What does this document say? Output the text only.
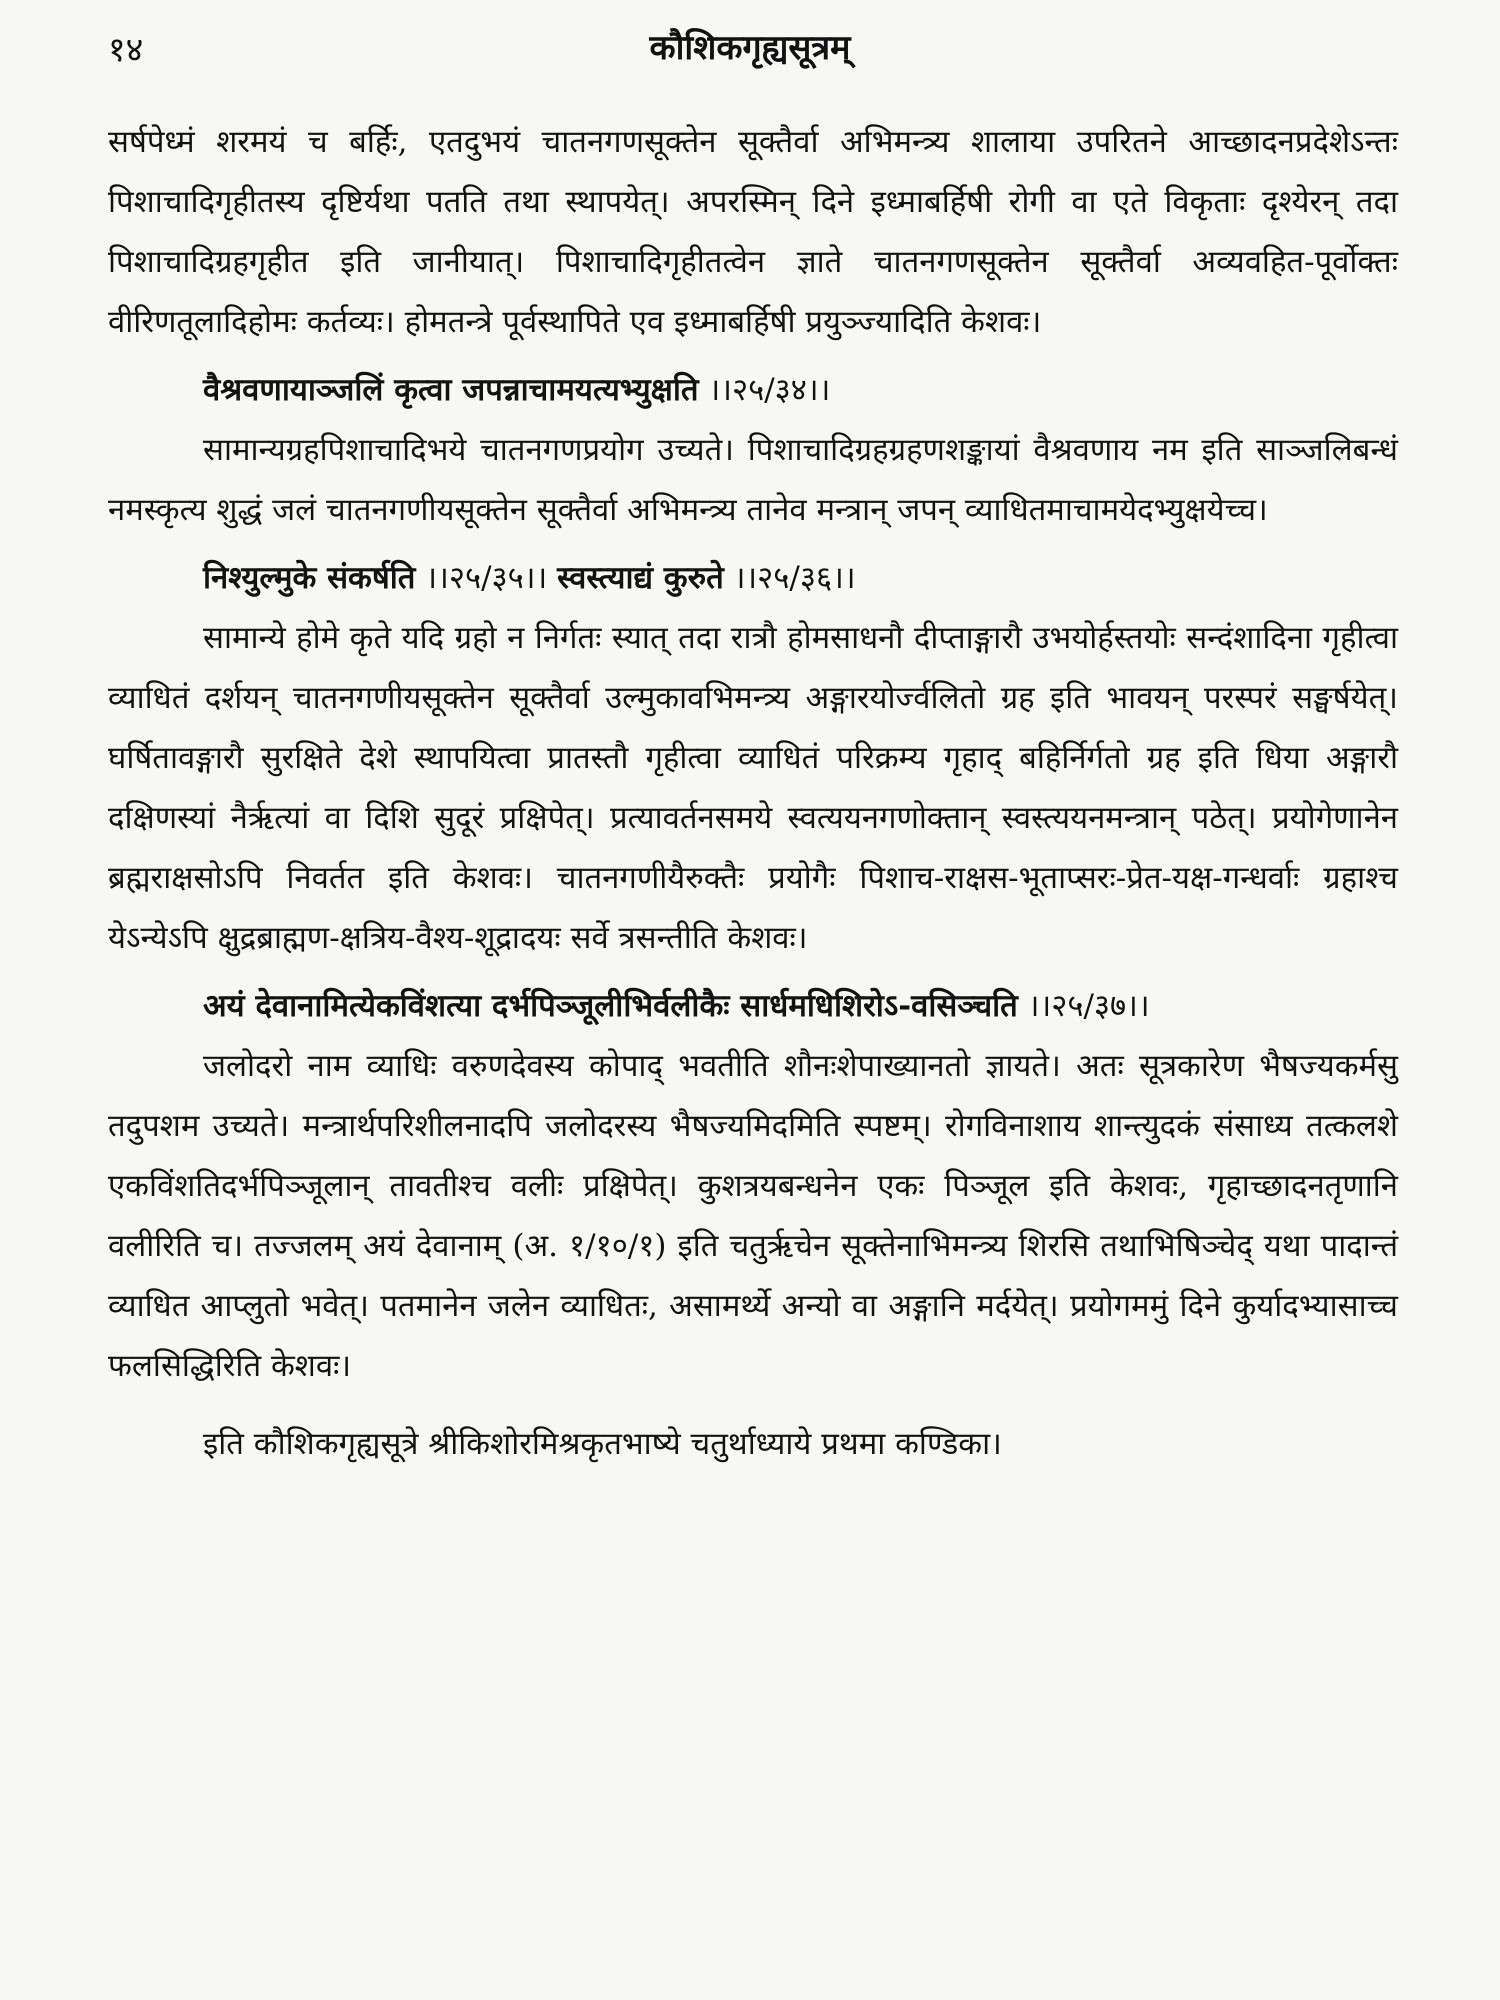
१४	कौशिकगृह्यसूत्रम्

सर्षपेध्मं शरमयं च बर्हिः, एतदुभयं चातनगणसूक्तेन सूक्तैर्वा अभिमन्त्र्य शालाया उपरितने आच्छादनप्रदेशेऽन्तः पिशाचादिगृहीतस्य दृष्टिर्यथा पतति तथा स्थापयेत्। अपरस्मिन् दिने इध्माबर्हिषी रोगी वा एते विकृताः दृश्येरन् तदा पिशाचादिग्रहगृहीत इति जानीयात्। पिशाचादिगृहीतत्वेन ज्ञाते चातनगणसूक्तेन सूक्तैर्वा अव्यवहित-पूर्वोक्तः वीरिणतूलादिहोमः कर्तव्यः। होमतन्त्रे पूर्वस्थापिते एव इध्माबर्हिषी प्रयुञ्ज्यादिति केशवः।

वैश्रवणायाञ्जलिं कृत्वा जपन्नाचामयत्यभ्युक्षति ।।२५/३४।।

सामान्यग्रहपिशाचादिभये चातनगणप्रयोग उच्यते। पिशाचादिग्रहग्रहणशङ्कायां वैश्रवणाय नम इति साञ्जलिबन्धं नमस्कृत्य शुद्धं जलं चातनगणीयसूक्तेन सूक्तैर्वा अभिमन्त्र्य तानेव मन्त्रान् जपन् व्याधितमाचामयेदभ्युक्षयेच्च।

निश्युल्मुके संकर्षति ।।२५/३५।। स्वस्त्याद्यं कुरुते ।।२५/३६।।

सामान्ये होमे कृते यदि ग्रहो न निर्गतः स्यात् तदा रात्रौ होमसाधनौ दीप्ताङ्गारौ उभयोर्हस्तयोः सन्दंशादिना गृहीत्वा व्याधितं दर्शयन् चातनगणीयसूक्तेन सूक्तैर्वा उल्मुकावभिमन्त्र्य अङ्गारयोर्ज्वलितो ग्रह इति भावयन् परस्परं सङ्घर्षयेत्। घर्षितावङ्गारौ सुरक्षिते देशे स्थापयित्वा प्रातस्तौ गृहीत्वा व्याधितं परिक्रम्य गृहाद् बहिर्निर्गतो ग्रह इति धिया अङ्गारौ दक्षिणस्यां नैर्ऋत्यां वा दिशि सुदूरं प्रक्षिपेत्। प्रत्यावर्तनसमये स्वत्ययनगणोक्तान् स्वस्त्ययनमन्त्रान् पठेत्। प्रयोगेणानेन ब्रह्मराक्षसोऽपि निवर्तत इति केशवः। चातनगणीयैरुक्तैः प्रयोगैः पिशाच-राक्षस-भूताप्सरः-प्रेत-यक्ष-गन्धर्वाः ग्रहाश्च येऽन्येऽपि क्षुद्रब्राह्मण-क्षत्रिय-वैश्य-शूद्रादयः सर्वे त्रसन्तीति केशवः।

अयं देवानामित्येकविंशत्या दर्भपिञ्जूलीभिर्वलीकैः सार्धमधिशिरोऽ-वसिञ्चति ।।२५/३७।।

जलोदरो नाम व्याधिः वरुणदेवस्य कोपाद् भवतीति शौनःशेपाख्यानतो ज्ञायते। अतः सूत्रकारेण भैषज्यकर्मसु तदुपशम उच्यते। मन्त्रार्थपरिशीलनादपि जलोदरस्य भैषज्यमिदमिति स्पष्टम्। रोगविनाशाय शान्त्युदकं संसाध्य तत्कलशे एकविंशतिदर्भपिञ्जूलान् तावतीश्च वलीः प्रक्षिपेत्। कुशत्रयबन्धनेन एकः पिञ्जूल इति केशवः, गृहाच्छादनतृणानि वलीरिति च। तज्जलम् अयं देवानाम् (अ. १/१०/१) इति चतुर्ऋचेन सूक्तेनाभिमन्त्र्य शिरसि तथाभिषिञ्चेद् यथा पादान्तं व्याधित आप्लुतो भवेत्। पतमानेन जलेन व्याधितः, असामर्थ्ये अन्यो वा अङ्गानि मर्दयेत्। प्रयोगममुं दिने कुर्यादभ्यासाच्च फलसिद्धिरिति केशवः।

इति कौशिकगृह्यसूत्रे श्रीकिशोरमिश्रकृतभाष्ये चतुर्थाध्याये प्रथमा कण्डिका।
